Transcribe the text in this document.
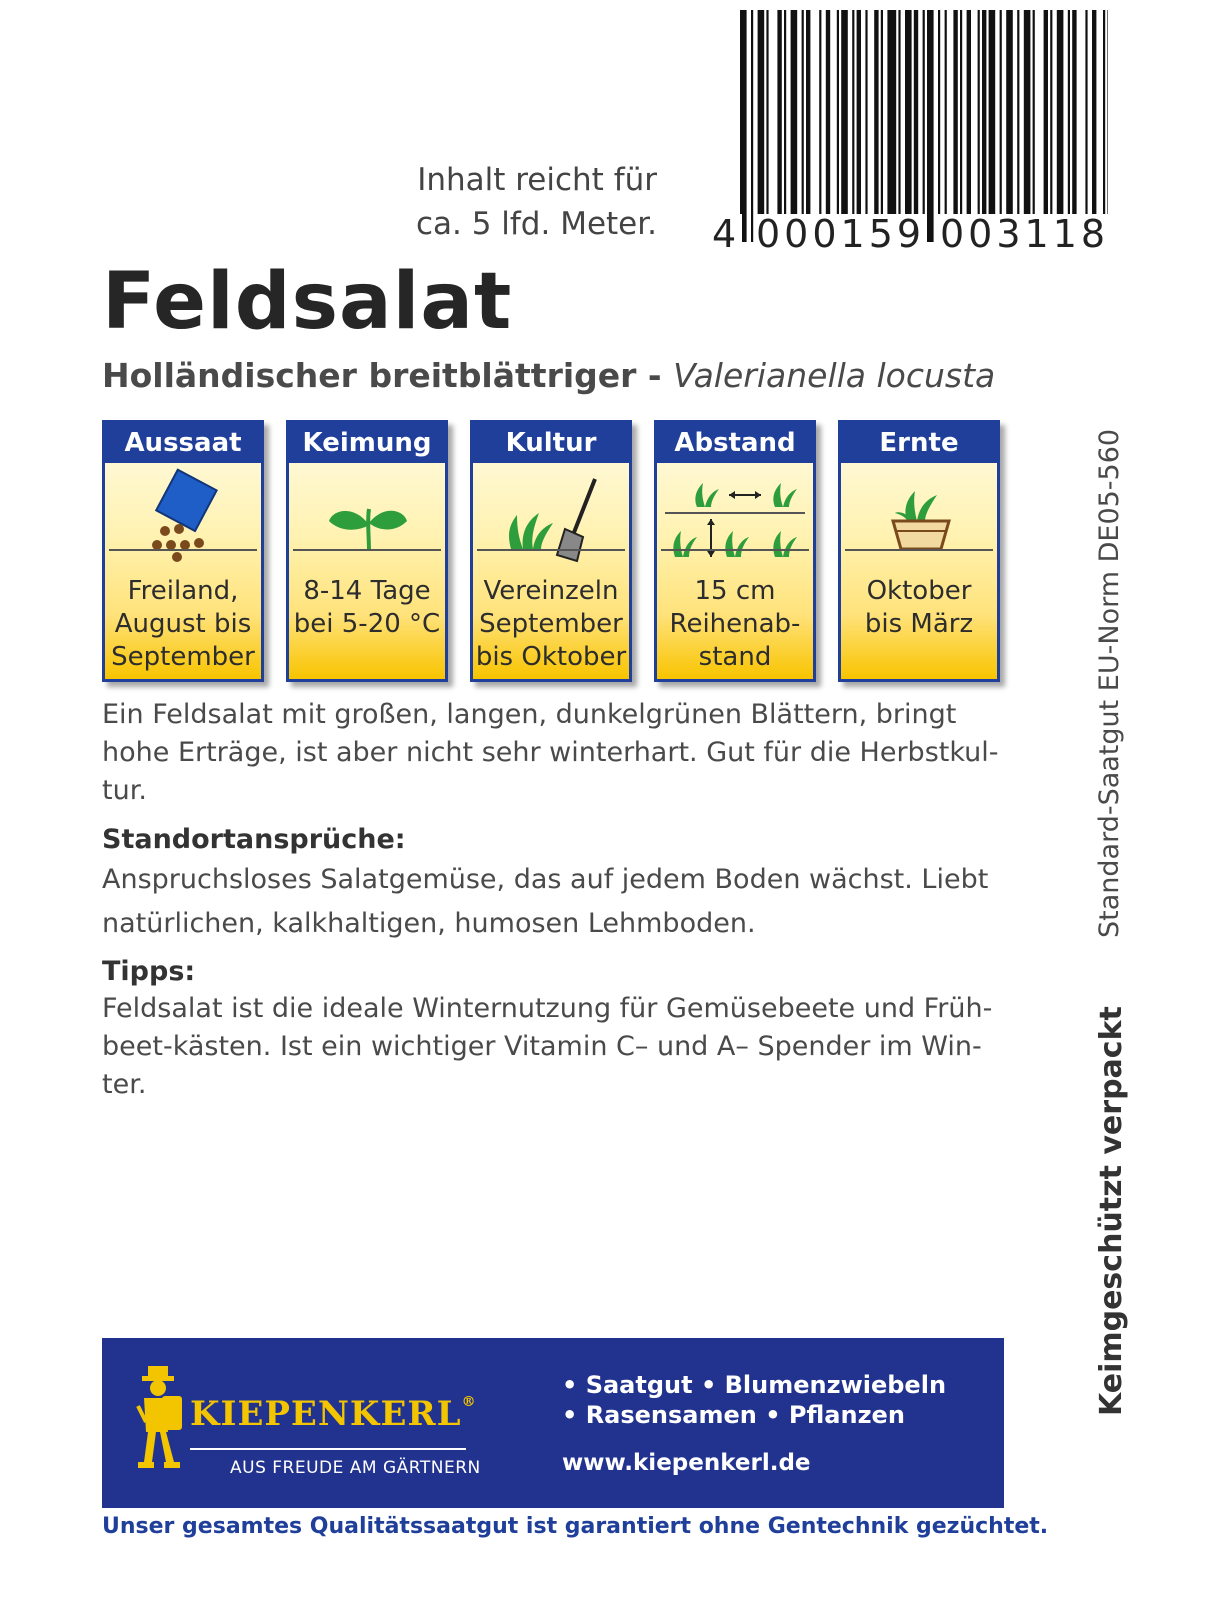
4 000159 003118
Inhalt reicht für
ca. 5 lfd. Meter.
Feldsalat
Holländischer breitblättriger - Valerianella locusta
Aussaat
Freiland,
August bis
September
Keimung
8-14 Tage
bei 5-20 °C
Kultur
Vereinzeln
September
bis Oktober
Abstand
15 cm
Reihenab-
stand
Ernte
Oktober
bis März
Ein Feldsalat mit großen, langen, dunkelgrünen Blättern, bringt
hohe Erträge, ist aber nicht sehr winterhart. Gut für die Herbstkul-
tur.
Standortansprüche:
Anspruchsloses Salatgemüse, das auf jedem Boden wächst. Liebt
natürlichen, kalkhaltigen, humosen Lehmboden.
Tipps:
Feldsalat ist die ideale Winternutzung für Gemüsebeete und Früh-
beet-kästen. Ist ein wichtiger Vitamin C– und A– Spender im Win-
ter.
Standard-Saatgut EU-Norm DE05-560
Keimgeschützt verpackt
KIEPENKERL®
AUS FREUDE AM GÄRTNERN
• Saatgut • Blumenzwiebeln
• Rasensamen • Pflanzen
www.kiepenkerl.de
Unser gesamtes Qualitätssaatgut ist garantiert ohne Gentechnik gezüchtet.
